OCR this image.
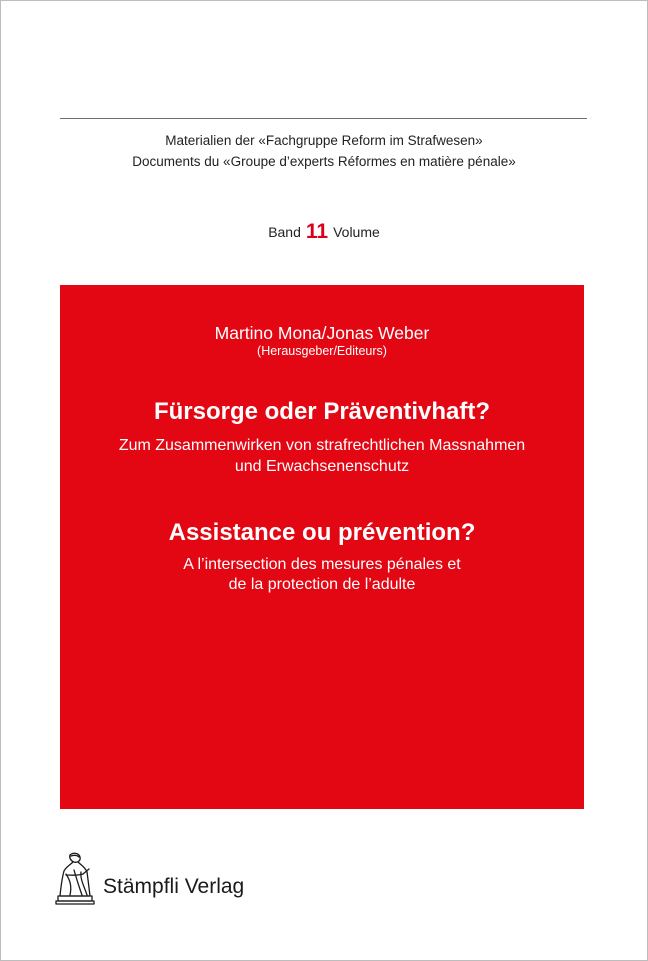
Materialien der «Fachgruppe Reform im Strafwesen»
Documents du «Groupe d’experts Réformes en matière pénale»
Band 11 Volume
Martino Mona/Jonas Weber
(Herausgeber/Editeurs)
Fürsorge oder Präventivhaft?
Zum Zusammenwirken von strafrechtlichen Massnahmen
und Erwachsenenschutz
Assistance ou prévention?
A l’intersection des mesures pénales et
de la protection de l’adulte
Stämpfli Verlag
